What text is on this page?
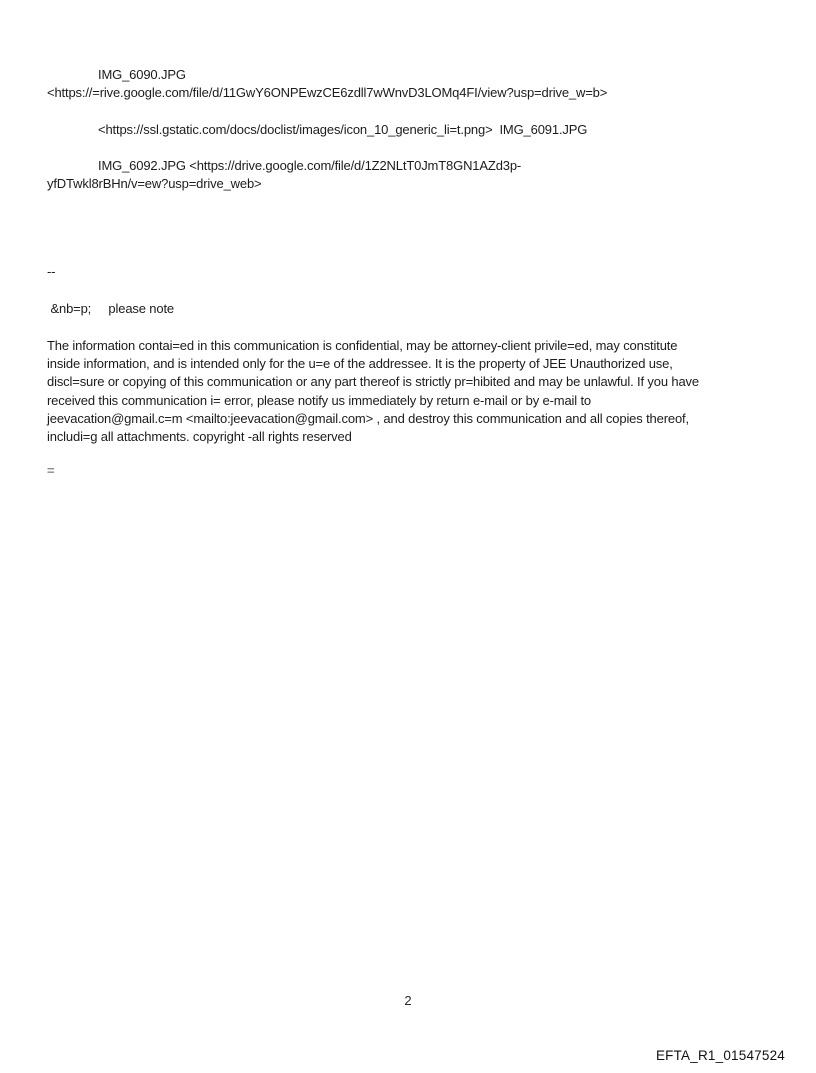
IMG_6090.JPG
<https://=rive.google.com/file/d/11GwY6ONPEwzCE6zdll7wWnvD3LOMq4FI/view?usp=drive_w=b>
<https://ssl.gstatic.com/docs/doclist/images/icon_10_generic_li=t.png>  IMG_6091.JPG
IMG_6092.JPG <https://drive.google.com/file/d/1Z2NLtT0JmT8GN1AZd3p-
yfDTwkl8rBHn/v=ew?usp=drive_web>
--
&nb=p;     please note
The information contai=ed in this communication is confidential, may be attorney-client privile=ed, may constitute
inside information, and is intended only for the u=e of the addressee. It is the property of JEE Unauthorized use,
discl=sure or copying of this communication or any part thereof is strictly pr=hibited and may be unlawful. If you have
received this communication i= error, please notify us immediately by return e-mail or by e-mail to
jeevacation@gmail.c=m <mailto:jeevacation@gmail.com> , and destroy this communication and all copies thereof,
includi=g all attachments. copyright -all rights reserved
=
2
EFTA_R1_01547524
